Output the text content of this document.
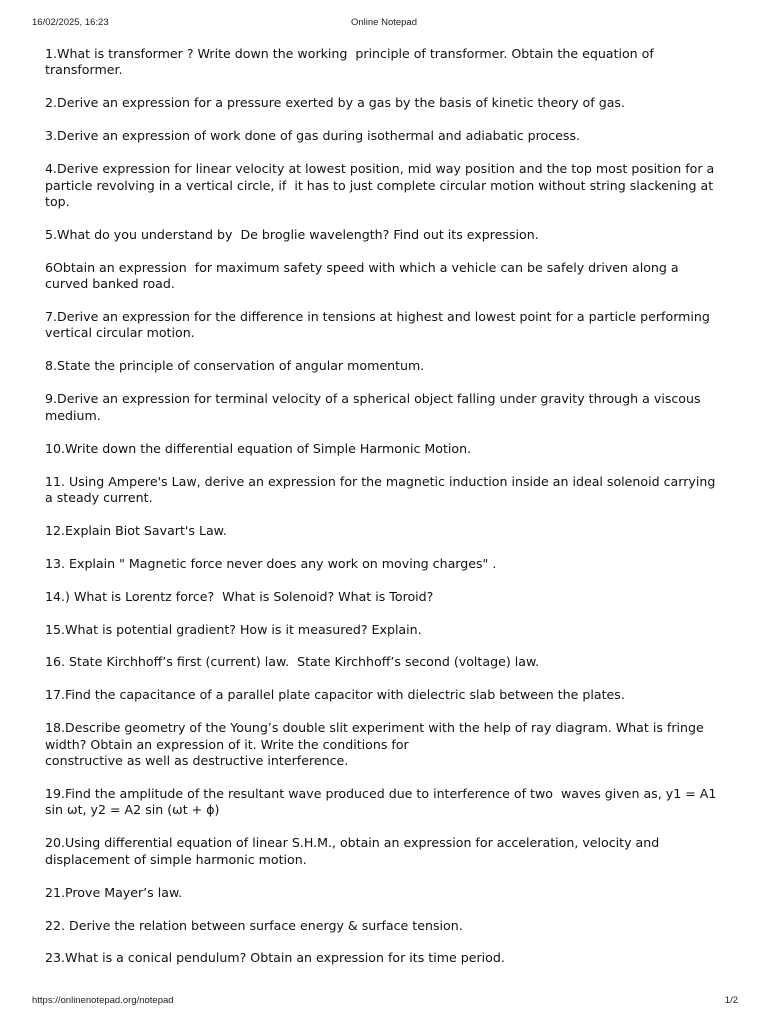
16/02/2025, 16:23	Online Notepad

1.What is transformer ? Write down the working  principle of transformer. Obtain the equation of transformer.

2.Derive an expression for a pressure exerted by a gas by the basis of kinetic theory of gas.

3.Derive an expression of work done of gas during isothermal and adiabatic process.

4.Derive expression for linear velocity at lowest position, mid way position and the top most position for a particle revolving in a vertical circle, if  it has to just complete circular motion without string slackening at top.

5.What do you understand by  De broglie wavelength? Find out its expression.

6Obtain an expression  for maximum safety speed with which a vehicle can be safely driven along a curved banked road.

7.Derive an expression for the difference in tensions at highest and lowest point for a particle performing vertical circular motion.

8.State the principle of conservation of angular momentum.

9.Derive an expression for terminal velocity of a spherical object falling under gravity through a viscous medium.

10.Write down the differential equation of Simple Harmonic Motion.

11. Using Ampere's Law, derive an expression for the magnetic induction inside an ideal solenoid carrying a steady current.

12.Explain Biot Savart's Law.

13. Explain " Magnetic force never does any work on moving charges" .

14.) What is Lorentz force?  What is Solenoid? What is Toroid?

15.What is potential gradient? How is it measured? Explain.

16. State Kirchhoff’s first (current) law.  State Kirchhoff’s second (voltage) law.

17.Find the capacitance of a parallel plate capacitor with dielectric slab between the plates.

18.Describe geometry of the Young’s double slit experiment with the help of ray diagram. What is fringe width? Obtain an expression of it. Write the conditions for
constructive as well as destructive interference.

19.Find the amplitude of the resultant wave produced due to interference of two  waves given as, y1 = A1 sin ωt, y2 = A2 sin (ωt + ϕ)

20.Using differential equation of linear S.H.M., obtain an expression for acceleration, velocity and displacement of simple harmonic motion.

21.Prove Mayer’s law.

22. Derive the relation between surface energy & surface tension.

23.What is a conical pendulum? Obtain an expression for its time period.

https://onlinenotepad.org/notepad	1/2
